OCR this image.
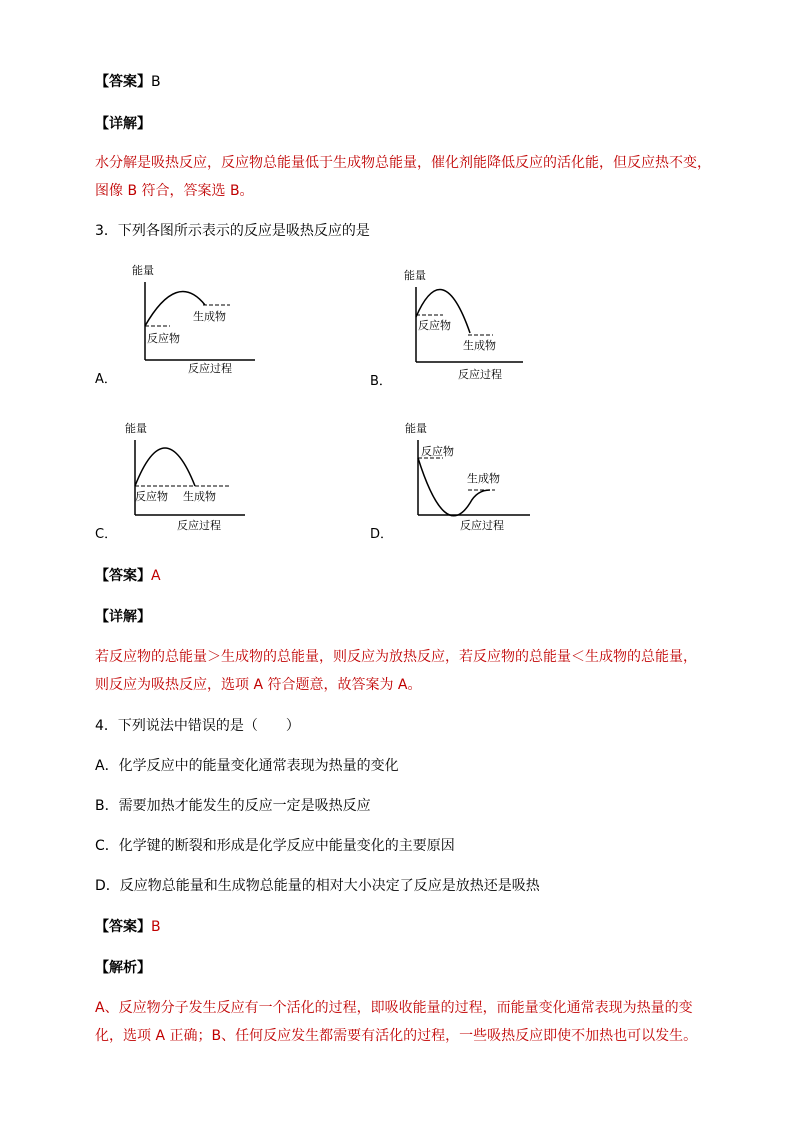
【答案】B
【详解】
水分解是吸热反应，反应物总能量低于生成物总能量，催化剂能降低反应的活化能，但反应热不变，
图像 B 符合，答案选 B。
3．下列各图所示表示的反应是吸热反应的是
能量
生成物
反应物
反应过程
A．
能量
反应物
生成物
反应过程
B．
能量
反应物 生成物
反应过程
C．
能量
反应物
生成物
反应过程
D．
【答案】A
【详解】
若反应物的总能量＞生成物的总能量，则反应为放热反应，若反应物的总能量＜生成物的总能量，
则反应为吸热反应，选项 A 符合题意，故答案为 A。
4．下列说法中错误的是（　　）
A．化学反应中的能量变化通常表现为热量的变化
B．需要加热才能发生的反应一定是吸热反应
C．化学键的断裂和形成是化学反应中能量变化的主要原因
D．反应物总能量和生成物总能量的相对大小决定了反应是放热还是吸热
【答案】B
【解析】
A、反应物分子发生反应有一个活化的过程，即吸收能量的过程，而能量变化通常表现为热量的变
化，选项 A 正确；B、任何反应发生都需要有活化的过程，一些吸热反应即使不加热也可以发生。
